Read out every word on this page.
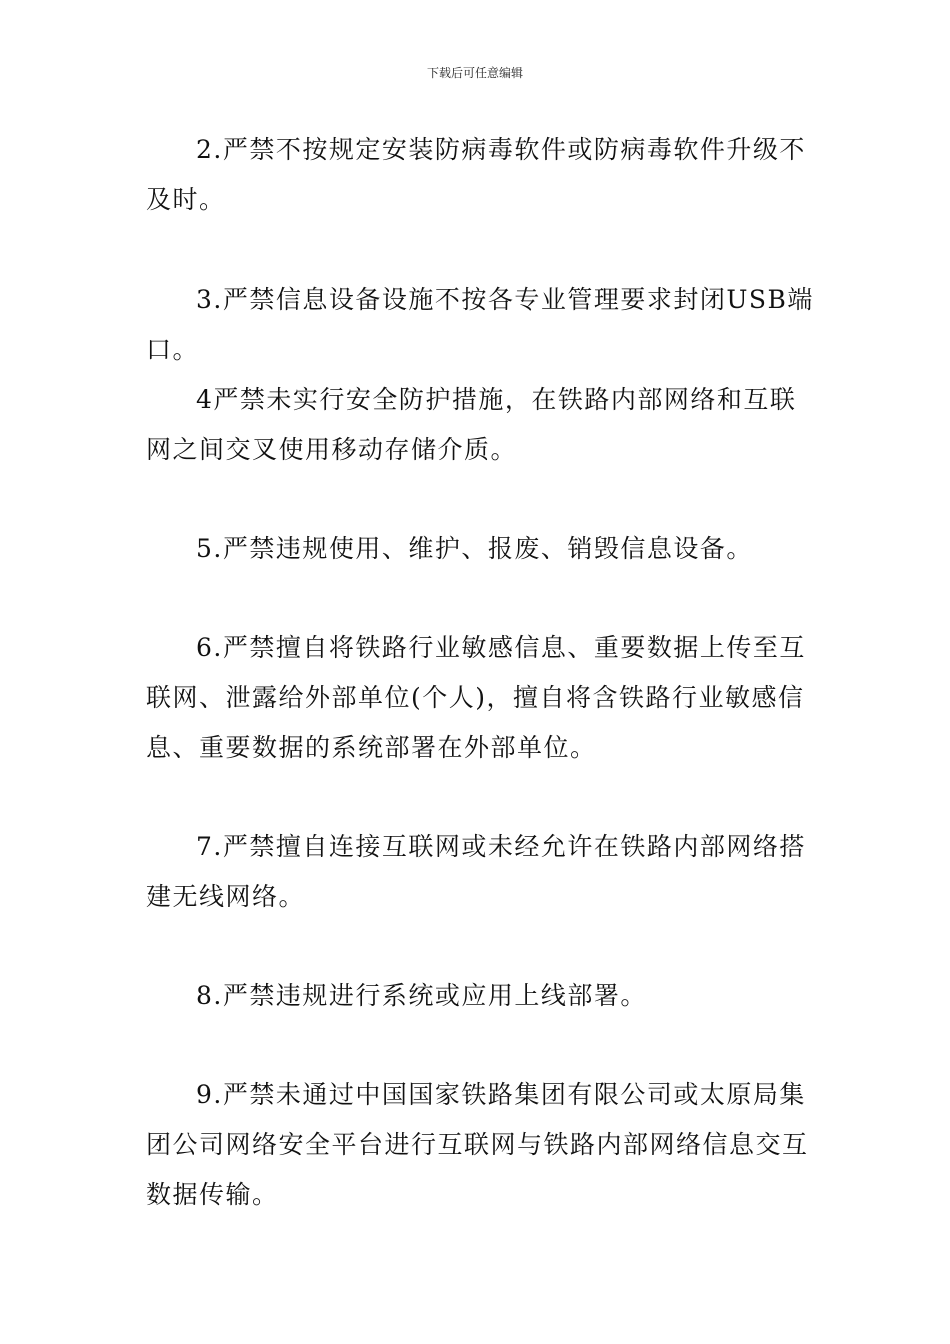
下载后可任意编辑

2.严禁不按规定安装防病毒软件或防病毒软件升级不及时。

3.严禁信息设备设施不按各专业管理要求封闭USB端口。

4严禁未实行安全防护措施，在铁路内部网络和互联网之间交叉使用移动存储介质。

5.严禁违规使用、维护、报废、销毁信息设备。

6.严禁擅自将铁路行业敏感信息、重要数据上传至互联网、泄露给外部单位(个人)，擅自将含铁路行业敏感信息、重要数据的系统部署在外部单位。

7.严禁擅自连接互联网或未经允许在铁路内部网络搭建无线网络。

8.严禁违规进行系统或应用上线部署。

9.严禁未通过中国国家铁路集团有限公司或太原局集团公司网络安全平台进行互联网与铁路内部网络信息交互数据传输。
